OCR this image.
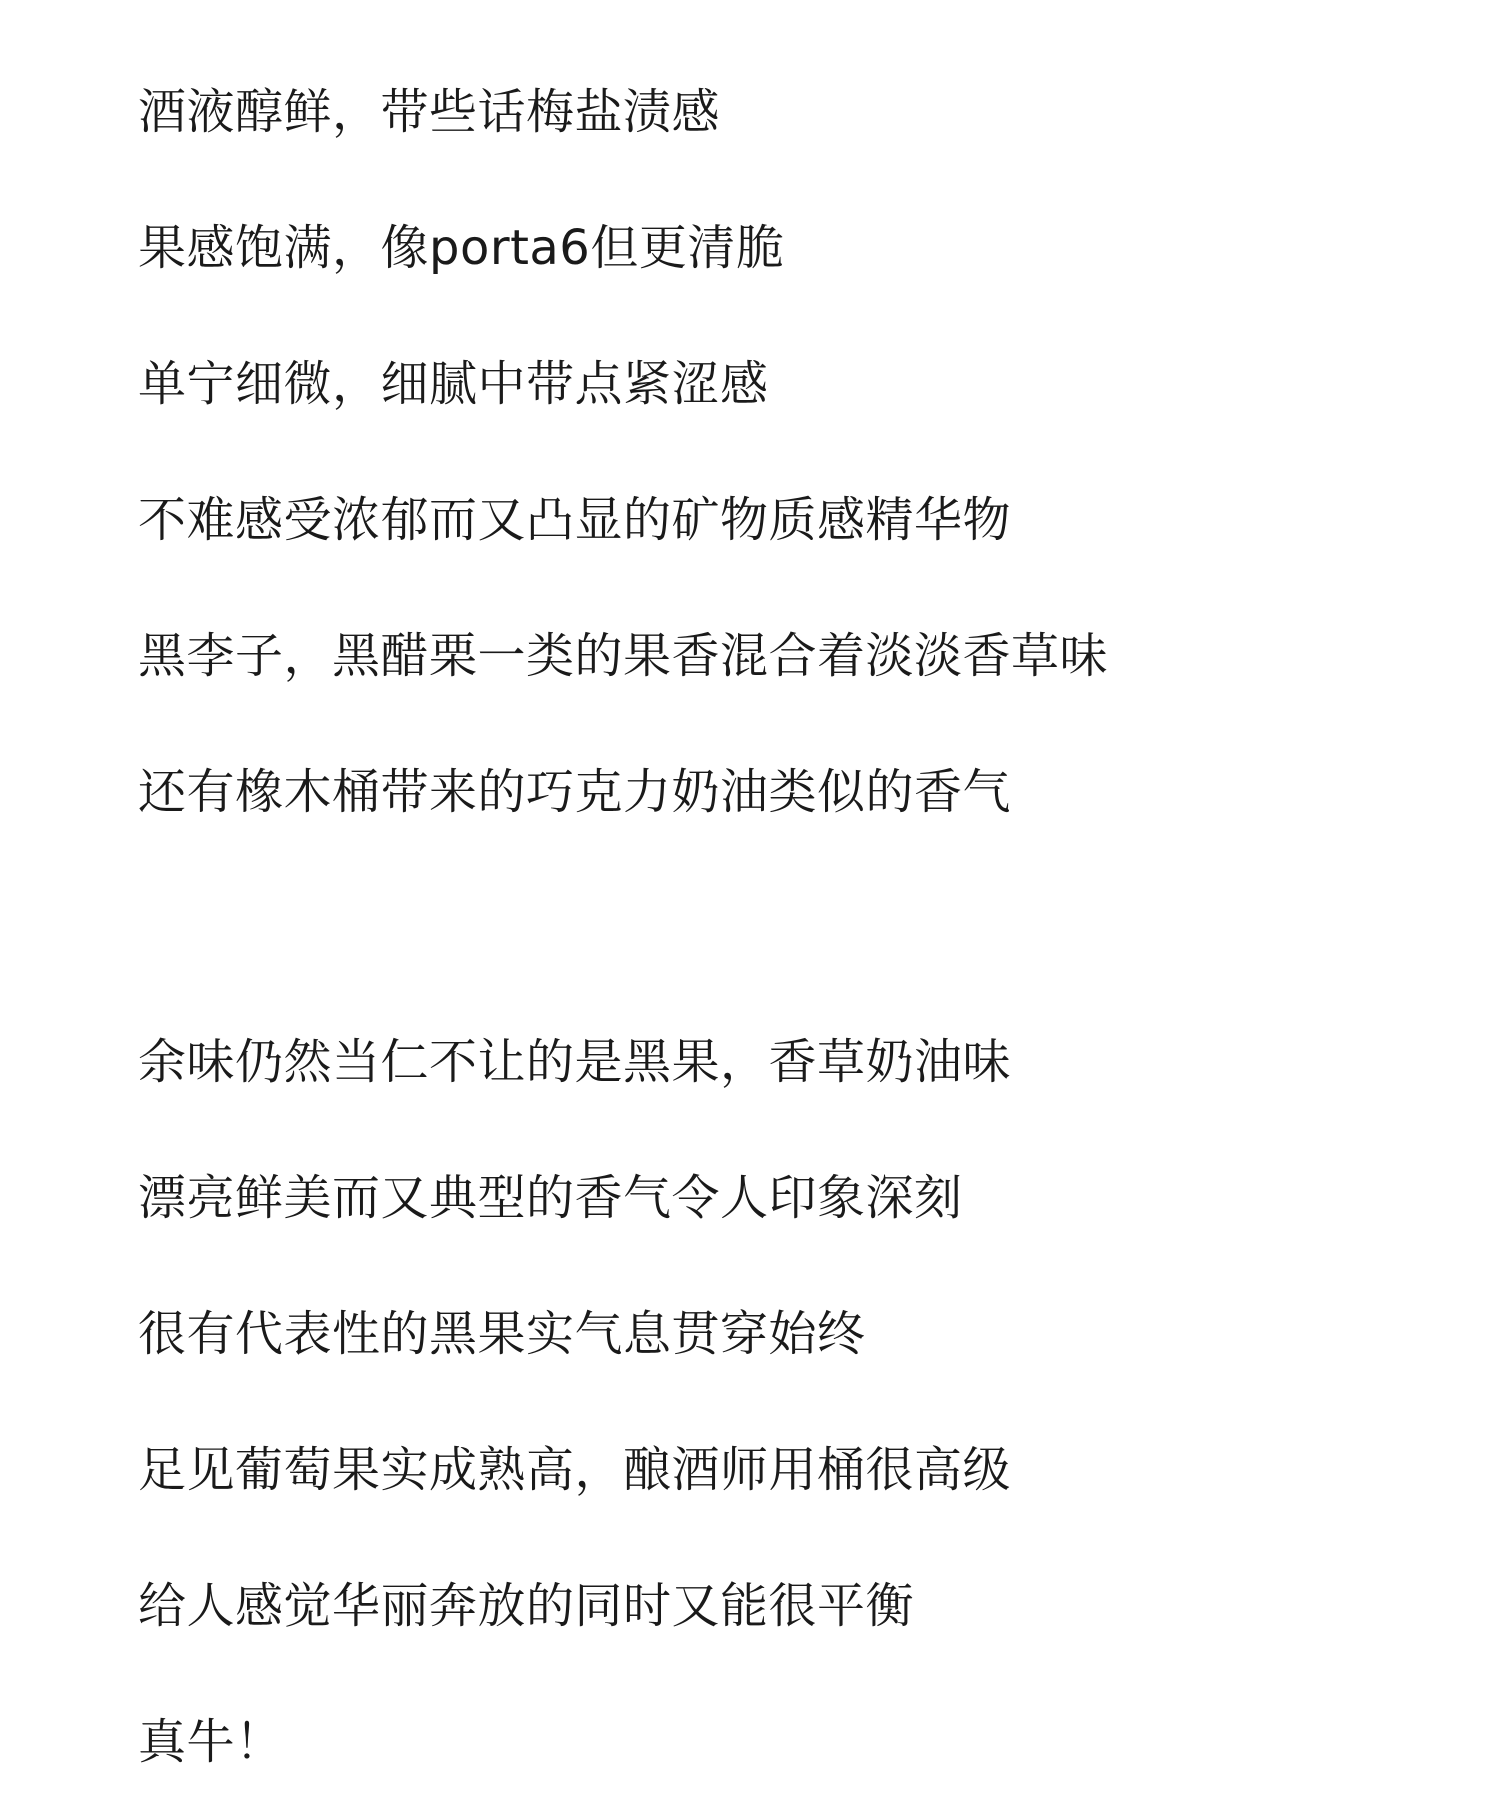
酒液醇鲜，带些话梅盐渍感
果感饱满，像porta6但更清脆
单宁细微，细腻中带点紧涩感
不难感受浓郁而又凸显的矿物质感精华物
黑李子，黑醋栗一类的果香混合着淡淡香草味
还有橡木桶带来的巧克力奶油类似的香气
余味仍然当仁不让的是黑果，香草奶油味
漂亮鲜美而又典型的香气令人印象深刻
很有代表性的黑果实气息贯穿始终
足见葡萄果实成熟高，酿酒师用桶很高级
给人感觉华丽奔放的同时又能很平衡
真牛！
